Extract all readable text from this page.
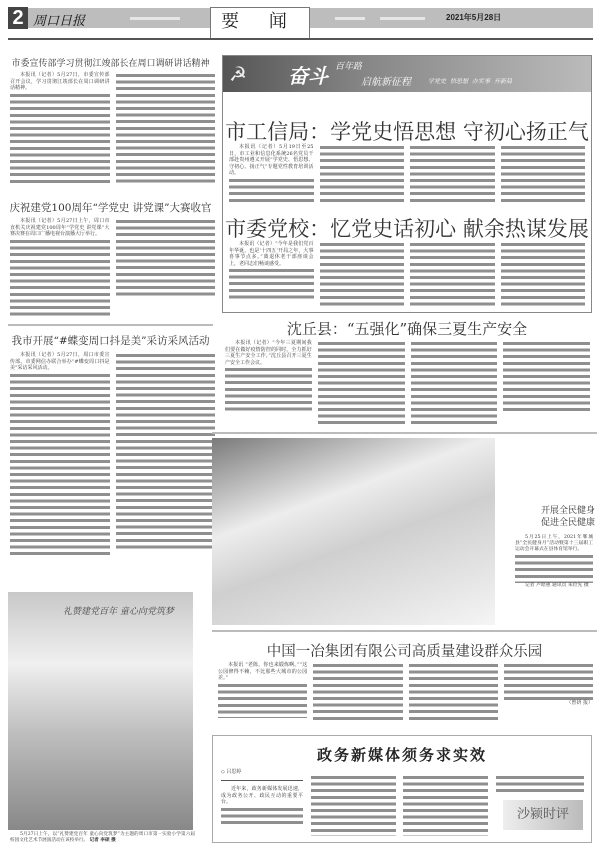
2 周口日报	要 闻	2021年5月28日
市委宣传部学习贯彻江竣部长在周口调研讲话精神

本报讯（记者）5月27日，市委宣传部召开会议，学习贯彻江竣部长在周口调研讲话精神。

庆祝建党100周年“学党史 讲党课”大赛收官

本报讯（记者）5月27日上午，周口市直机关庆祝建党100周年“学党史 讲党课”大赛决赛在周口广播电视台演播大厅举行。

我市开展“#蝶变周口抖是美”采访采风活动

本报讯（记者）5月27日，周口市委宣传部、市委网信办联合举办“#蝶变周口抖是美”采访采风活动。

礼赞建党百年 童心向党筑梦
5月27日上午，以“礼赞建党百年 童心向党筑梦”为主题的周口市第一实验小学第六届校园文化艺术节展演活动在该校举行。 记者 李硕 摄
☭ 奋斗 百年路
启航新征程	学党史 悟思想 办实事 开新局
市工信局：学党史悟思想 守初心扬正气

本报讯（记者）5月19日至25日，市工业和信息化系统26名党员干部赴贵州遵义开展“学党史、悟思想、守初心、扬正气”专题党性教育培训活动。

市委党校：忆党史话初心 献余热谋发展

本报讯（记者）“今年是我们党百年华诞，也是‘十四五’开局之年，大事喜事节点多。”离退休老干部座谈会上，老同志们畅谈感受。

沈丘县：“五强化”确保三夏生产安全

本报讯（记者）“今年三夏期间我们要在做好疫情防控的同时，全力抓好三夏生产安全工作。”沈丘县召开三夏生产安全工作会议。

开展全民健身
促进全民健康
5月25日上午，2021年郸城县“全民健身月”活动暨第十三届职工运动会开幕式在县体育馆举行。
记者 卢昭惠 通讯员 朱俭先 摄
中国一冶集团有限公司高质量建设群众乐园

本报讯 “老陈，你也来锻炼啊。”“这公园修得不赖，不比那些大城市的公园差。”

（曾妍 报）
政务新媒体须务求实效
◇ 吕思婷

近年来，政务新媒体发展迅速，成为政务公开、政民互动的重要平台。

沙颍时评
